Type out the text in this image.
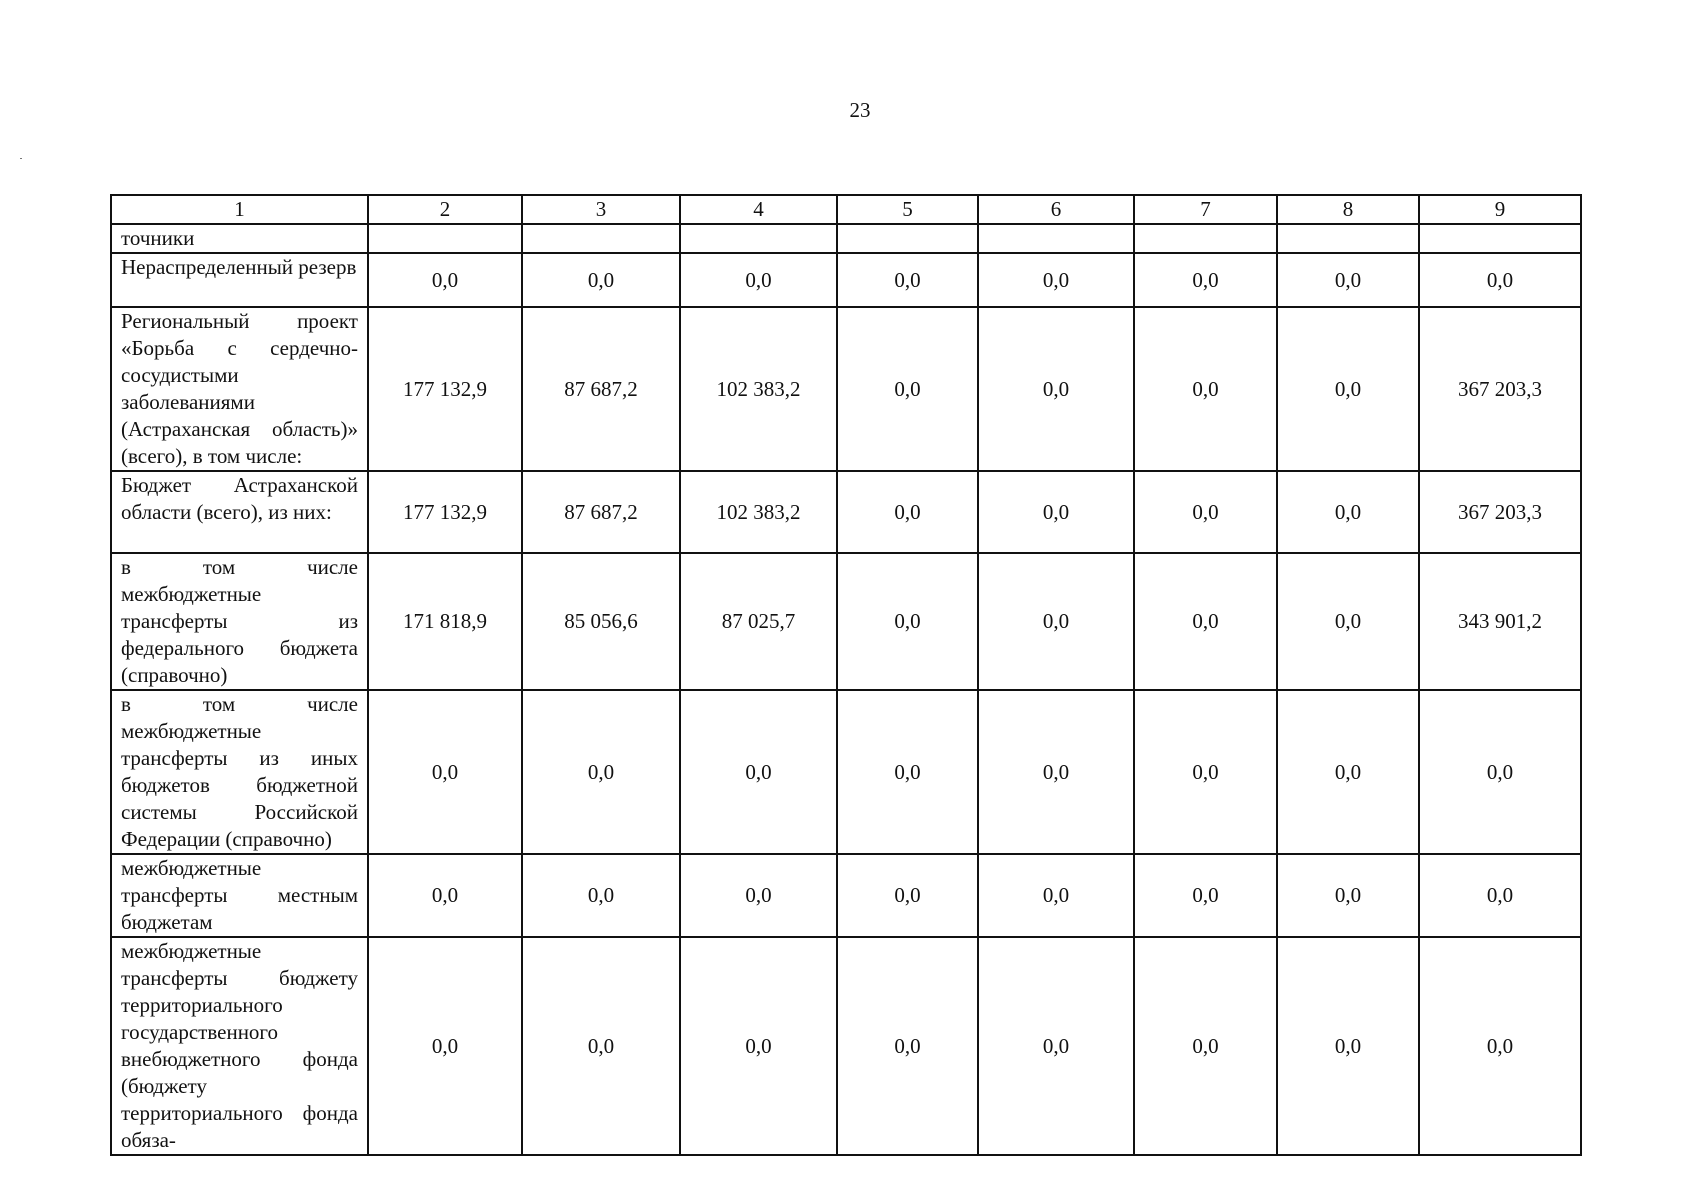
23
1	2	3	4	5	6	7	8	9

точники								

Нераспределенный резерв	0,0	0,0	0,0	0,0	0,0	0,0	0,0	0,0

Региональный проект «Борьба с сердечно-сосудистыми заболеваниями (Астраханская область)» (всего), в том числе:	177 132,9	87 687,2	102 383,2	0,0	0,0	0,0	0,0	367 203,3

Бюджет Астраханской области (всего), из них:	177 132,9	87 687,2	102 383,2	0,0	0,0	0,0	0,0	367 203,3

в том числе межбюджетные трансферты из федерального бюджета (справочно)	171 818,9	85 056,6	87 025,7	0,0	0,0	0,0	0,0	343 901,2

в том числе межбюджетные трансферты из иных бюджетов бюджетной системы Российской Федерации (справочно)	0,0	0,0	0,0	0,0	0,0	0,0	0,0	0,0

межбюджетные трансферты местным бюджетам	0,0	0,0	0,0	0,0	0,0	0,0	0,0	0,0

межбюджетные трансферты бюджету территориального государственного внебюджетного фонда (бюджету территориального фонда обяза-	0,0	0,0	0,0	0,0	0,0	0,0	0,0	0,0
